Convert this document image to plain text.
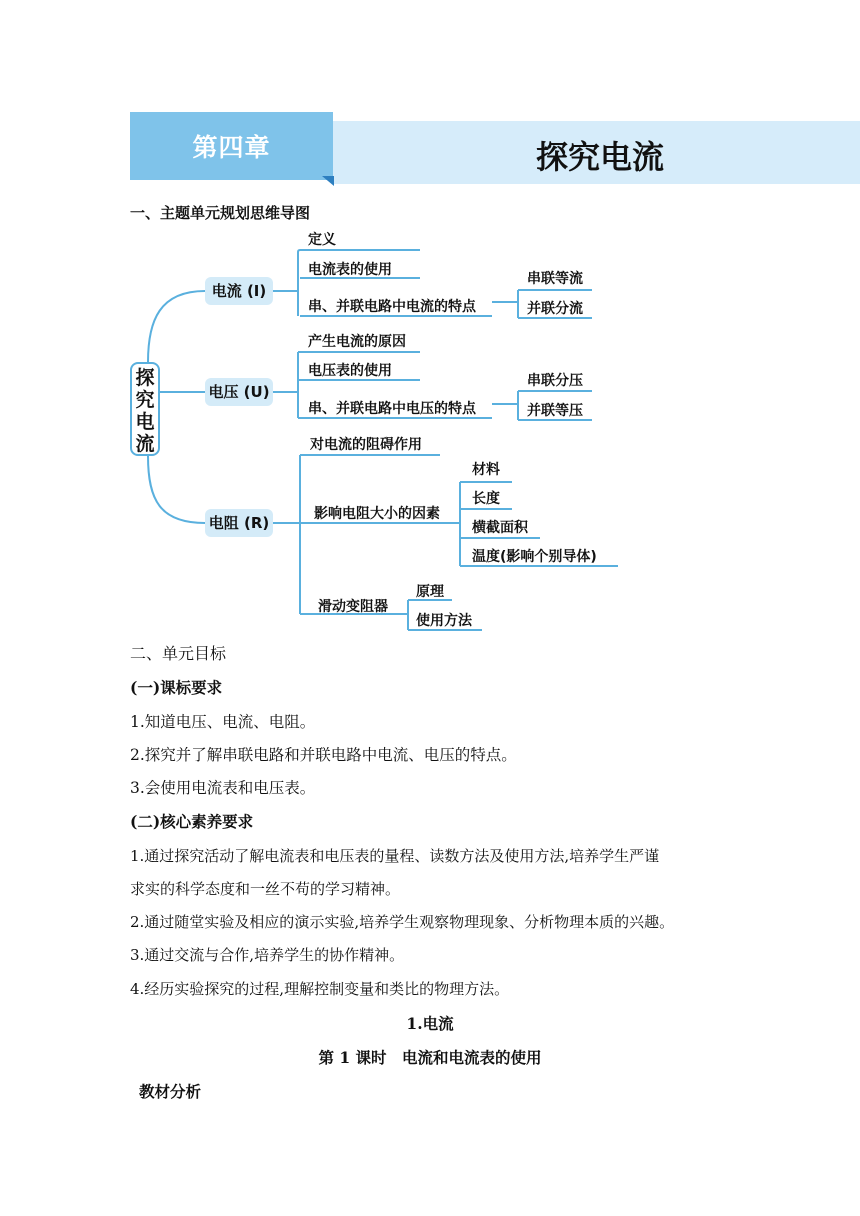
第四章	探究电流
一、主题单元规划思维导图
探究电流
电流 (I)
电压 (U)
电阻 (R)
定义
电流表的使用
串、并联电路中电流的特点
串联等流
并联分流
产生电流的原因
电压表的使用
串、并联电路中电压的特点
串联分压
并联等压
对电流的阻碍作用
影响电阻大小的因素
滑动变阻器
材料
长度
横截面积
温度(影响个别导体)
原理
使用方法
二、单元目标
(一)课标要求
1.知道电压、电流、电阻。
2.探究并了解串联电路和并联电路中电流、电压的特点。
3.会使用电流表和电压表。
(二)核心素养要求
1.通过探究活动了解电流表和电压表的量程、读数方法及使用方法,培养学生严谨
求实的科学态度和一丝不苟的学习精神。
2.通过随堂实验及相应的演示实验,培养学生观察物理现象、分析物理本质的兴趣。
3.通过交流与合作,培养学生的协作精神。
4.经历实验探究的过程,理解控制变量和类比的物理方法。
1.电流
第 1 课时　电流和电流表的使用
教材分析
